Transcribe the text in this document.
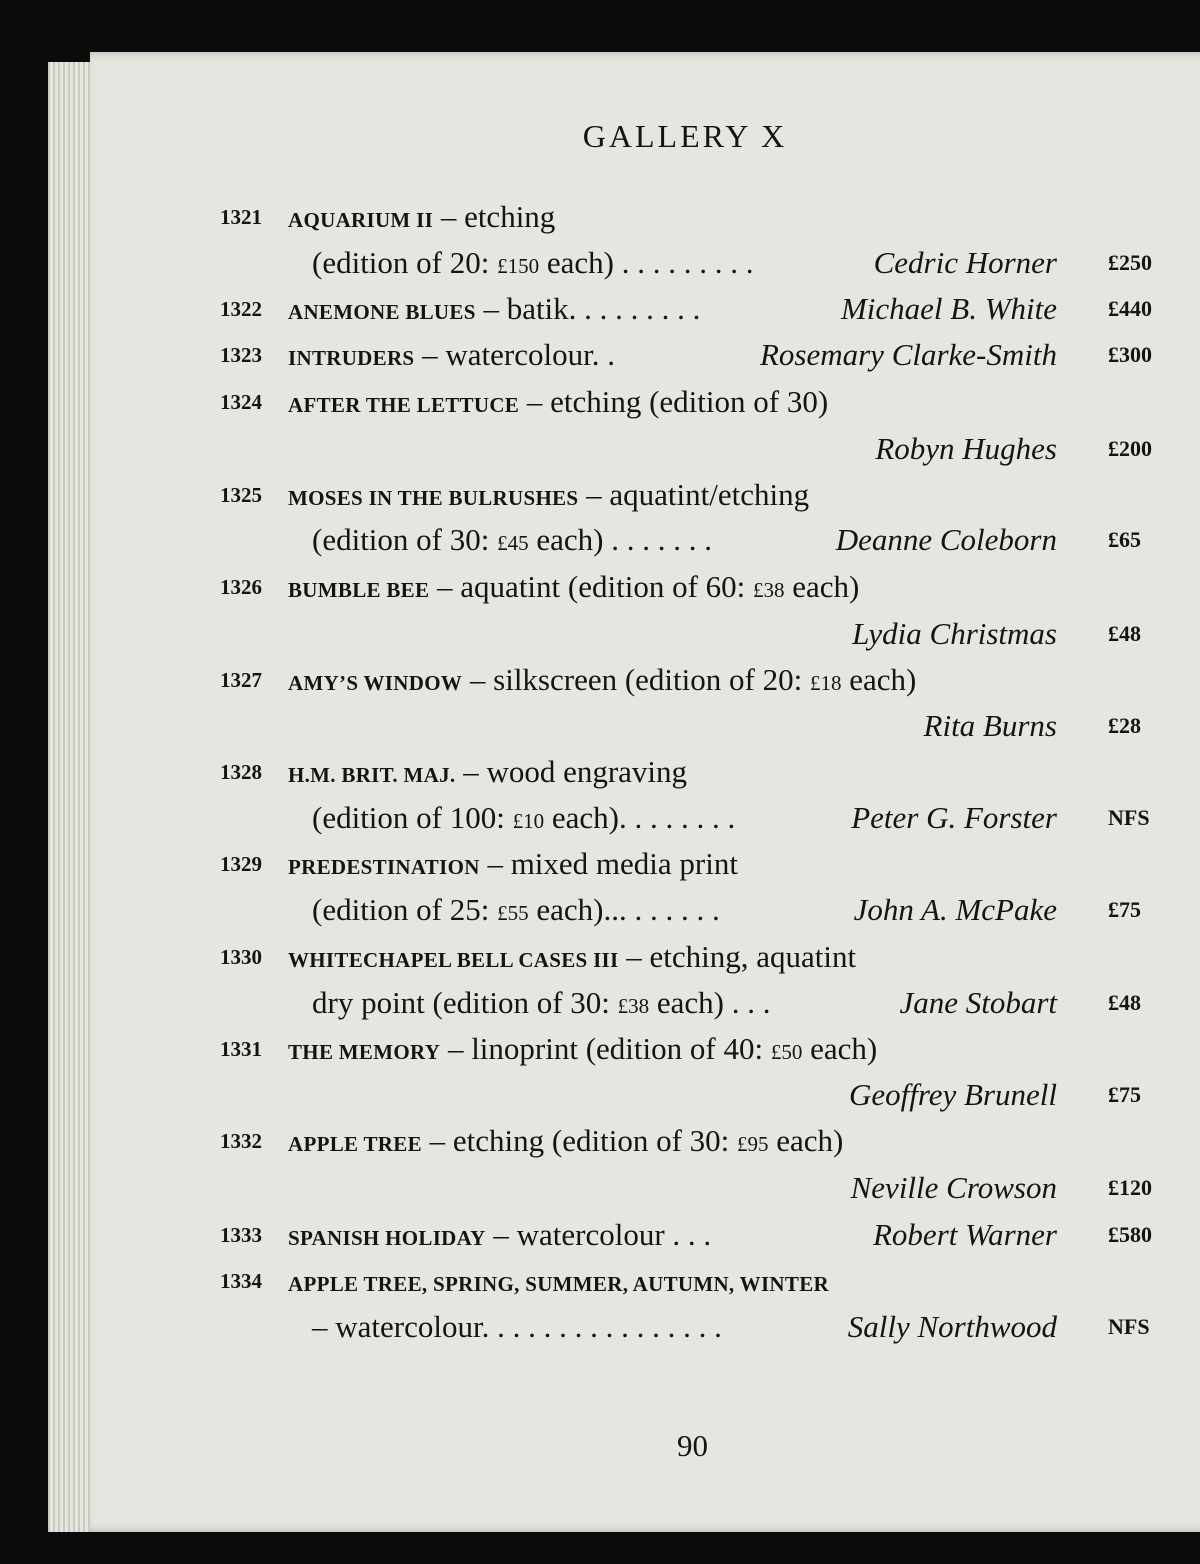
GALLERY X
1321	AQUARIUM II – etching
(edition of 20: £150 each) . . . . . . . . .	Cedric Horner £250
1322	ANEMONE BLUES – batik. . . . . . . . .	Michael B. White £440
1323	INTRUDERS – watercolour. .	Rosemary Clarke-Smith £300
1324	AFTER THE LETTUCE – etching (edition of 30)
Robyn Hughes £200
1325	MOSES IN THE BULRUSHES – aquatint/etching
(edition of 30: £45 each) . . . . . . .	Deanne Coleborn £65
1326	BUMBLE BEE – aquatint (edition of 60: £38 each)
Lydia Christmas £48
1327	AMY’S WINDOW – silkscreen (edition of 20: £18 each)
Rita Burns £28
1328	H.M. BRIT. MAJ. – wood engraving
(edition of 100: £10 each). . . . . . . .	Peter G. Forster NFS
1329	PREDESTINATION – mixed media print
(edition of 25: £55 each)... . . . . . .	John A. McPake £75
1330	WHITECHAPEL BELL CASES III – etching, aquatint
dry point (edition of 30: £38 each) . . .	Jane Stobart £48
1331	THE MEMORY – linoprint (edition of 40: £50 each)
Geoffrey Brunell £75
1332	APPLE TREE – etching (edition of 30: £95 each)
Neville Crowson £120
1333	SPANISH HOLIDAY – watercolour . . .	Robert Warner £580
1334	APPLE TREE, SPRING, SUMMER, AUTUMN, WINTER
– watercolour. . . . . . . . . . . . . . . .	Sally Northwood NFS
90
